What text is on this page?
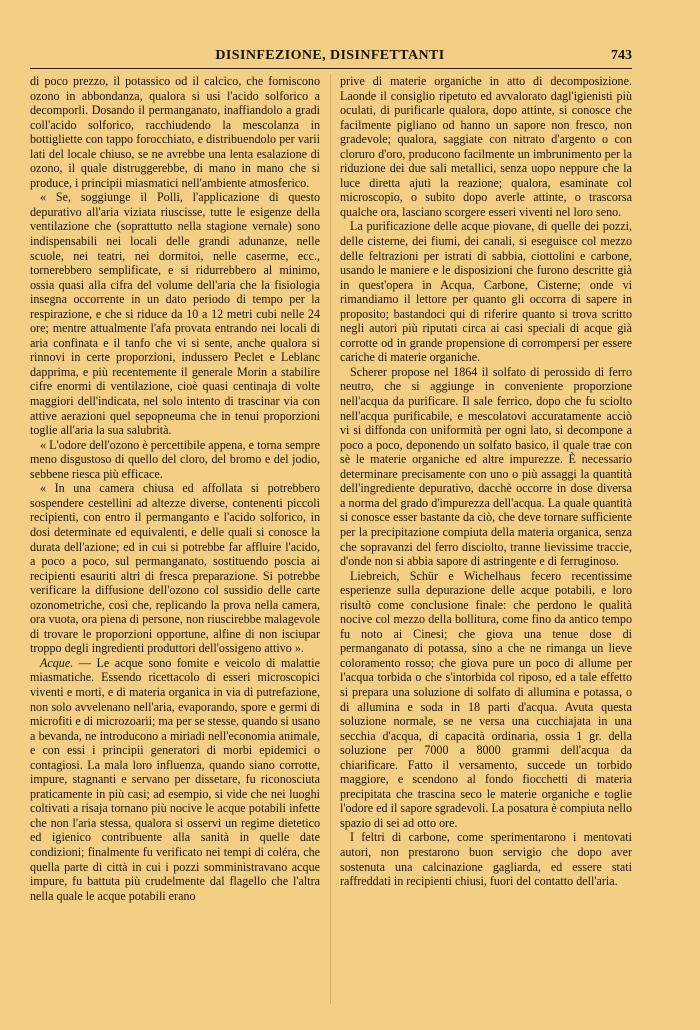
DISINFEZIONE, DISINFETTANTI	743

di poco prezzo, il potassico od il calcico, che forniscono ozono in abbondanza, qualora si usi l'acido solforico a decomporli. Dosando il permanganato, inaffiandolo a gradi coll'acido solforico, racchiudendo la mescolanza in bottigliette con tappo forocchiato, e distribuendolo per varii lati del locale chiuso, se ne avrebbe una lenta esalazione di ozono, il quale distruggerebbe, di mano in mano che si produce, i principii miasmatici nell'ambiente atmosferico.

« Se, soggiunge il Polli, l'applicazione di questo depurativo all'aria viziata riuscisse, tutte le esigenze della ventilazione che (soprattutto nella stagione vernale) sono indispensabili nei locali delle grandi adunanze, nelle scuole, nei teatri, nei dormitoi, nelle caserme, ecc., tornerebbero semplificate, e si ridurrebbero al minimo, ossia quasi alla cifra del volume dell'aria che la fisiologia insegna occorrente in un dato periodo di tempo per la respirazione, e che si riduce da 10 a 12 metri cubi nelle 24 ore; mentre attualmente l'afa provata entrando nei locali di aria confinata e il tanfo che vi si sente, anche qualora si rinnovi in certe proporzioni, indussero Peclet e Leblanc dapprima, e più recentemente il generale Morin a stabilire cifre enormi di ventilazione, cioè quasi centinaja di volte maggiori dell'indicata, nel solo intento di trascinar via con attive aerazioni quel sepopneuma che in tenui proporzioni toglie all'aria la sua salubrità.

« L'odore dell'ozono è percettibile appena, e torna sempre meno disgustoso di quello del cloro, del bromo e del jodio, sebbene riesca più efficace.

« In una camera chiusa ed affollata si potrebbero sospendere cestellini ad altezze diverse, contenenti piccoli recipienti, con entro il permanganto e l'acido solforico, in dosi determinate ed equivalenti, e delle quali si conosce la durata dell'azione; ed in cui si potrebbe far affluire l'acido, a poco a poco, sul permanganato, sostituendo poscia ai recipienti esauriti altri di fresca preparazione. Si potrebbe verificare la diffusione dell'ozono col sussidio delle carte ozonometriche, così che, replicando la prova nella camera, ora vuota, ora piena di persone, non riuscirebbe malagevole di trovare le proporzioni opportune, alfine di non isciupar troppo degli ingredienti produttori dell'ossigeno attivo ».

Acque. — Le acque sono fomite e veicolo di malattie miasmatiche. Essendo ricettacolo di esseri microscopici viventi e morti, e di materia organica in via di putrefazione, non solo avvelenano nell'aria, evaporando, spore e germi di microfiti e di microzoarii; ma per se stesse, quando si usano a bevanda, ne introducono a miriadi nell'economia animale, e con essi i principii generatori di morbi epidemici o contagiosi. La mala loro influenza, quando siano corrotte, impure, stagnanti e servano per dissetare, fu riconosciuta praticamente in più casi; ad esempio, si vide che nei luoghi coltivati a risaja tornano più nocive le acque potabili infette che non l'aria stessa, qualora si osservi un regime dietetico ed igienico contribuente alla sanità in quelle date condizioni; finalmente fu verificato nei tempi di coléra, che quella parte di città in cui i pozzi somministravano acque impure, fu battuta più crudelmente dal flagello che l'altra nella quale le acque potabili erano

prive di materie organiche in atto di decomposizione. Laonde il consiglio ripetuto ed avvalorato dagl'igienisti più oculati, di purificarle qualora, dopo attinte, si conosce che facilmente pigliano od hanno un sapore non fresco, non gradevole; qualora, saggiate con nitrato d'argento o con cloruro d'oro, producono facilmente un imbrunimento per la riduzione dei due sali metallici, senza uopo neppure che la luce diretta ajuti la reazione; qualora, esaminate col microscopio, o subito dopo averle attinte, o trascorsa qualche ora, lasciano scorgere esseri viventi nel loro seno.

La purificazione delle acque piovane, di quelle dei pozzi, delle cisterne, dei fiumi, dei canali, si eseguisce col mezzo delle feltrazioni per istrati di sabbia, ciottolini e carbone, usando le maniere e le disposizioni che furono descritte già in quest'opera in Acqua, Carbone, Cisterne; onde vi rimandiamo il lettore per quanto gli occorra di sapere in proposito; bastandoci qui di riferire quanto si trova scritto negli autori più riputati circa ai casi speciali di acque già corrotte od in grande propensione di corrompersi per essere cariche di materie organiche.

Scherer propose nel 1864 il solfato di perossido di ferro neutro, che si aggiunge in conveniente proporzione nell'acqua da purificare. Il sale ferrico, dopo che fu sciolto nell'acqua purificabile, e mescolatovi accuratamente acciò vi si diffonda con uniformità per ogni lato, si decompone a poco a poco, deponendo un solfato basico, il quale trae con sè le materie organiche ed altre impurezze. È necessario determinare precisamente con uno o più assaggi la quantità dell'ingrediente depurativo, dacchè occorre in dose diversa a norma del grado d'impurezza dell'acqua. La quale quantità si conosce esser bastante da ciò, che deve tornare sufficiente per la precipitazione compiuta della materia organica, senza che sopravanzi del ferro disciolto, tranne lievissime traccie, d'onde non si abbia sapore di astringente e di ferruginoso.

Liebreich, Schür e Wichelhaus fecero recentissime esperienze sulla depurazione delle acque potabili, e loro risultò come conclusione finale: che perdono le qualità nocive col mezzo della bollitura, come fino da antico tempo fu noto ai Cinesi; che giova una tenue dose di permanganato di potassa, sino a che ne rimanga un lieve coloramento rosso; che giova pure un poco di allume per l'acqua torbida o che s'intorbida col riposo, ed a tale effetto si prepara una soluzione di solfato di allumina e potassa, o di allumina e soda in 18 parti d'acqua. Avuta questa soluzione normale, se ne versa una cucchiajata in una secchia d'acqua, di capacità ordinaria, ossia 1 gr. della soluzione per 7000 a 8000 grammi dell'acqua da chiarificare. Fatto il versamento, succede un torbido maggiore, e scendono al fondo fiocchetti di materia precipitata che trascina seco le materie organiche e toglie l'odore ed il sapore sgradevoli. La posatura è compiuta nello spazio di sei ad otto ore.

I feltri di carbone, come sperimentarono i mentovati autori, non prestarono buon servigio che dopo aver sostenuta una calcinazione gagliarda, ed essere stati raffreddati in recipienti chiusi, fuori del contatto dell'aria.
